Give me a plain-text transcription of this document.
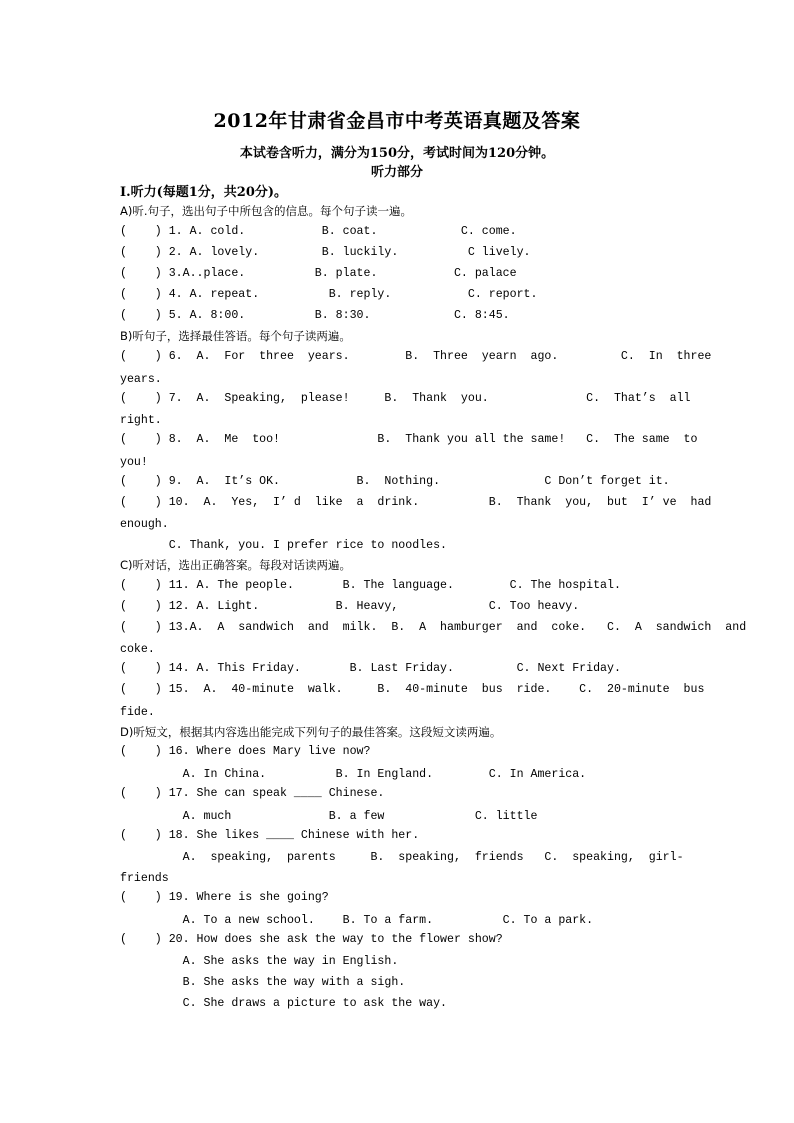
2012年甘肃省金昌市中考英语真题及答案
本试卷含听力，满分为150分，考试时间为120分钟。
听力部分
Ⅰ.听力(每题1分，共20分)。
A)听.句子，选出句子中所包含的信息。每个句子读一遍。
(    ) 1. A. cold.           B. coat.            C. come.
(    ) 2. A. lovely.         B. luckily.          C lively.
(    ) 3.A..place.          B. plate.           C. palace
(    ) 4. A. repeat.          B. reply.           C. report.
(    ) 5. A. 8:00.          B. 8:30.            C. 8:45.
B)听句子，选择最佳答语。每个句子读两遍。
(    ) 6.  A.  For  three  years.        B.  Three  yearn  ago.         C.  In  three
years.
(    ) 7.  A.  Speaking,  please!     B.  Thank  you.              C.  That’s  all
right.
(    ) 8.  A.  Me  too!              B.  Thank you all the same!   C.  The same  to
you!
(    ) 9.  A.  It’s OK.           B.  Nothing.               C Don’t forget it.
(    ) 10.  A.  Yes,  I’ d  like  a  drink.          B.  Thank  you,  but  I’ ve  had
enough.
C. Thank, you. I prefer rice to noodles.
C)听对话，选出正确答案。每段对话读两遍。
(    ) 11. A. The people.       B. The language.        C. The hospital.
(    ) 12. A. Light.           B. Heavy,             C. Too heavy.
(    ) 13.A.  A  sandwich  and  milk.  B.  A  hamburger  and  coke.   C.  A  sandwich  and
coke.
(    ) 14. A. This Friday.       B. Last Friday.         C. Next Friday.
(    ) 15.  A.  40-minute  walk.     B.  40-minute  bus  ride.    C.  20-minute  bus
fide.
D)听短文，根据其内容选出能完成下列句子的最佳答案。这段短文读两遍。
(    ) 16. Where does Mary live now?
A. In China.          B. In England.        C. In America.
(    ) 17. She can speak ____ Chinese.
A. much              B. a few             C. little
(    ) 18. She likes ____ Chinese with her.
A.  speaking,  parents     B.  speaking,  friends   C.  speaking,  girl-
friends
(    ) 19. Where is she going?
A. To a new school.    B. To a farm.          C. To a park.
(    ) 20. How does she ask the way to the flower show?
A. She asks the way in English.
B. She asks the way with a sigh.
C. She draws a picture to ask the way.
